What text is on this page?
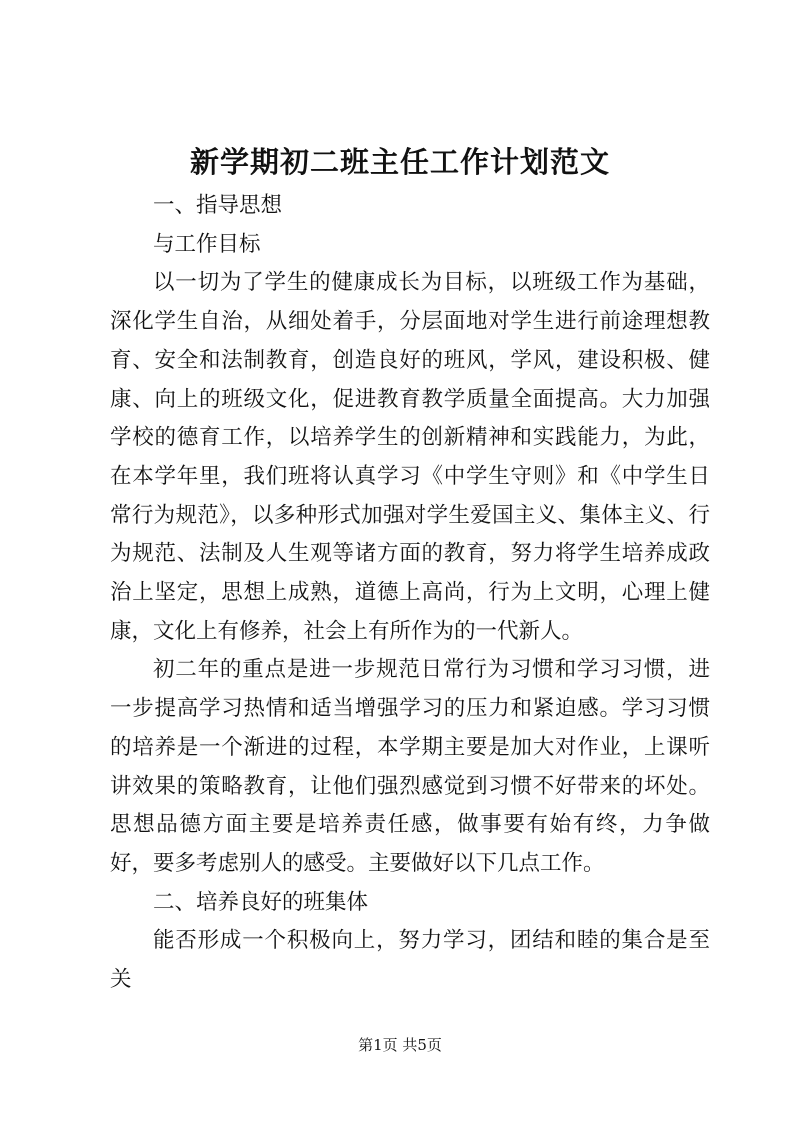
新学期初二班主任工作计划范文

一、指导思想

与工作目标

以一切为了学生的健康成长为目标，以班级工作为基础，深化学生自治，从细处着手，分层面地对学生进行前途理想教育、安全和法制教育，创造良好的班风，学风，建设积极、健康、向上的班级文化，促进教育教学质量全面提高。大力加强学校的德育工作，以培养学生的创新精神和实践能力，为此，在本学年里，我们班将认真学习《中学生守则》和《中学生日常行为规范》，以多种形式加强对学生爱国主义、集体主义、行为规范、法制及人生观等诸方面的教育，努力将学生培养成政治上坚定，思想上成熟，道德上高尚，行为上文明，心理上健康，文化上有修养，社会上有所作为的一代新人。

初二年的重点是进一步规范日常行为习惯和学习习惯，进一步提高学习热情和适当增强学习的压力和紧迫感。学习习惯的培养是一个渐进的过程，本学期主要是加大对作业，上课听讲效果的策略教育，让他们强烈感觉到习惯不好带来的坏处。思想品德方面主要是培养责任感，做事要有始有终，力争做好，要多考虑别人的感受。主要做好以下几点工作。

二、培养良好的班集体

能否形成一个积极向上，努力学习，团结和睦的集合是至关

第1页 共5页
